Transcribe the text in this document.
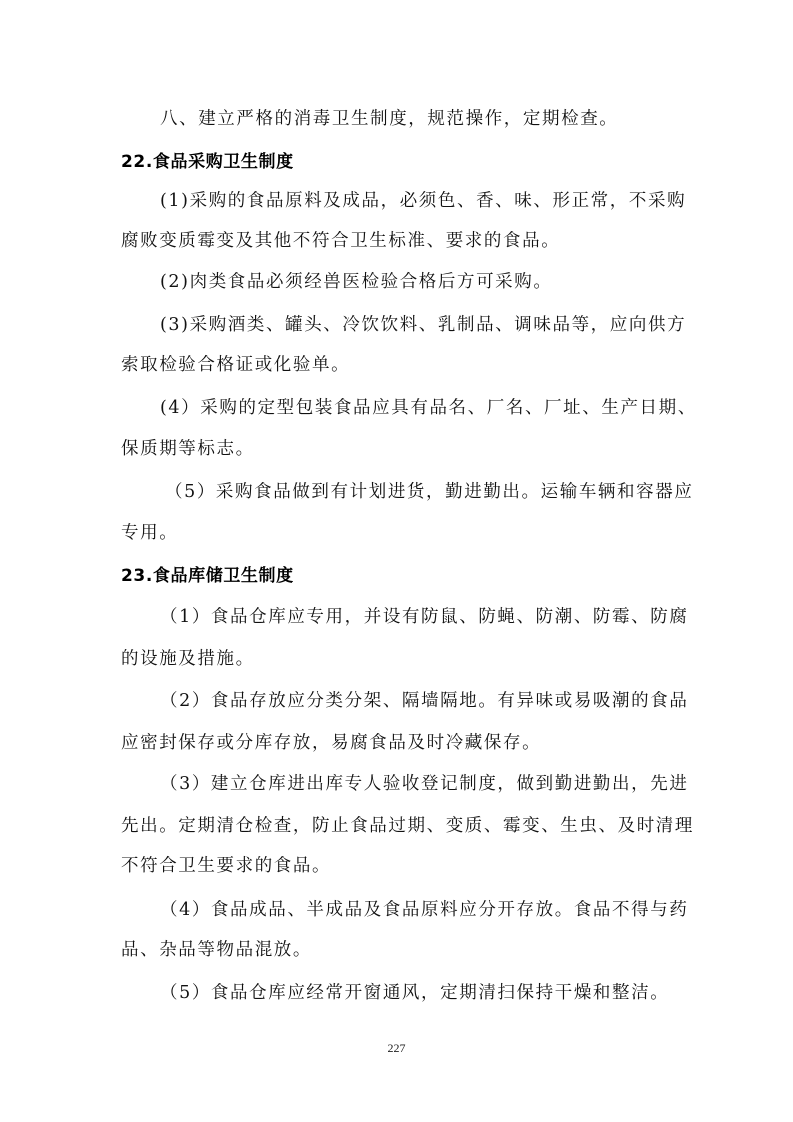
八、建立严格的消毒卫生制度，规范操作，定期检查。
22.食品采购卫生制度
(1)采购的食品原料及成品，必须色、香、味、形正常，不采购
腐败变质霉变及其他不符合卫生标准、要求的食品。
(2)肉类食品必须经兽医检验合格后方可采购。
(3)采购酒类、罐头、冷饮饮料、乳制品、调味品等，应向供方
索取检验合格证或化验单。
(4）采购的定型包装食品应具有品名、厂名、厂址、生产日期、
保质期等标志。
（5）采购食品做到有计划进货，勤进勤出。运输车辆和容器应
专用。
23.食品库储卫生制度
（1）食品仓库应专用，并设有防鼠、防蝇、防潮、防霉、防腐
的设施及措施。
（2）食品存放应分类分架、隔墙隔地。有异味或易吸潮的食品
应密封保存或分库存放，易腐食品及时冷藏保存。
（3）建立仓库进出库专人验收登记制度，做到勤进勤出，先进
先出。定期清仓检查，防止食品过期、变质、霉变、生虫、及时清理
不符合卫生要求的食品。
（4）食品成品、半成品及食品原料应分开存放。食品不得与药
品、杂品等物品混放。
（5）食品仓库应经常开窗通风，定期清扫保持干燥和整洁。
227
